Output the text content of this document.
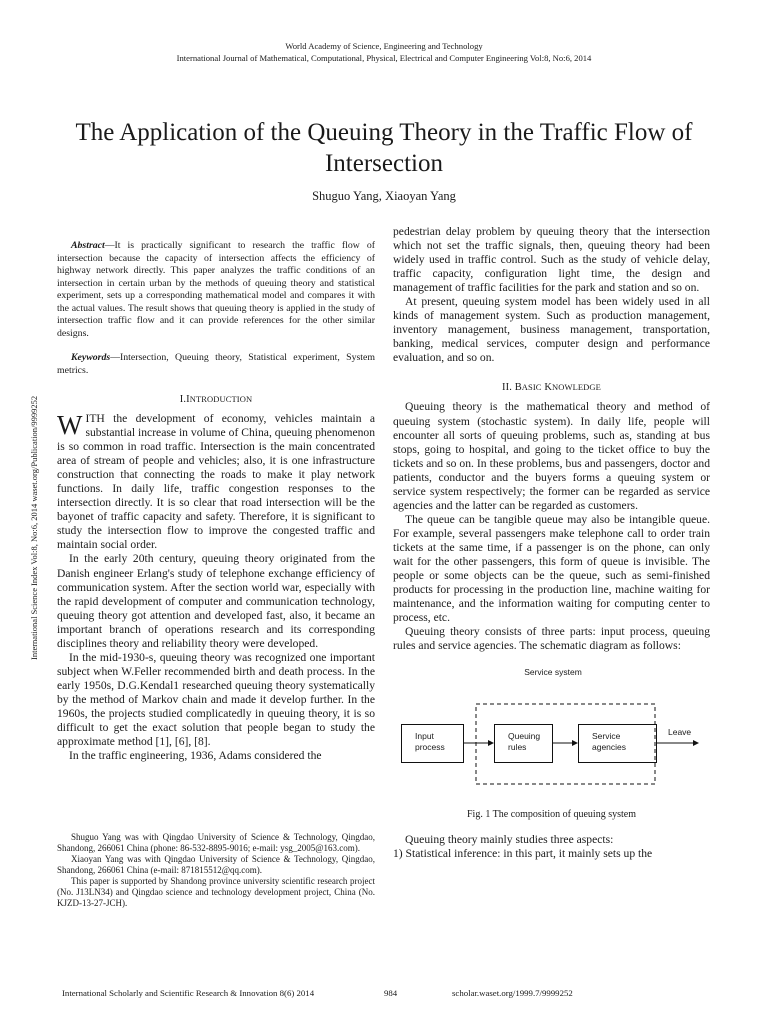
World Academy of Science, Engineering and Technology
International Journal of Mathematical, Computational, Physical, Electrical and Computer Engineering Vol:8, No:6, 2014
The Application of the Queuing Theory in the Traffic Flow of Intersection
Shuguo Yang, Xiaoyan Yang
International Science Index Vol:8, No:6, 2014 waset.org/Publication/9999252

Abstract—It is practically significant to research the traffic flow of intersection because the capacity of intersection affects the efficiency of highway network directly. This paper analyzes the traffic conditions of an intersection in certain urban by the methods of queuing theory and statistical experiment, sets up a corresponding mathematical model and compares it with the actual values. The result shows that queuing theory is applied in the study of intersection traffic flow and it can provide references for the other similar designs.

Keywords—Intersection, Queuing theory, Statistical experiment, System metrics.

I.INTRODUCTION

WITH the development of economy, vehicles maintain a substantial increase in volume of China, queuing phenomenon is so common in road traffic. Intersection is the main concentrated area of stream of people and vehicles; also, it is one infrastructure construction that connecting the roads to make it play network functions. In daily life, traffic congestion responses to the intersection directly. It is so clear that road intersection will be the bayonet of traffic capacity and safety. Therefore, it is significant to study the intersection flow to improve the congested traffic and maintain social order.

In the early 20th century, queuing theory originated from the Danish engineer Erlang's study of telephone exchange efficiency of communication system. After the section world war, especially with the rapid development of computer and communication technology, queuing theory got attention and developed fast, also, it became an important branch of operations research and its corresponding disciplines theory and reliability theory were developed.

In the mid-1930-s, queuing theory was recognized one important subject when W.Feller recommended birth and death process. In the early 1950s, D.G.Kendal1 researched queuing theory systematically by the method of Markov chain and made it develop further. In the 1960s, the projects studied complicatedly in queuing theory, it is so difficult to get the exact solution that people began to study the approximate method [1], [6], [8].

In the traffic engineering, 1936, Adams considered the

Shuguo Yang was with Qingdao University of Science & Technology, Qingdao, Shandong, 266061 China (phone: 86-532-8895-9016; e-mail: ysg_2005@163.com).

Xiaoyan Yang was with Qingdao University of Science & Technology, Qingdao, Shandong, 266061 China (e-mail: 871815512@qq.com).

This paper is supported by Shandong province university scientific research project (No. J13LN34) and Qingdao science and technology development project, China (No. KJZD-13-27-JCH).

pedestrian delay problem by queuing theory that the intersection which not set the traffic signals, then, queuing theory had been widely used in traffic control. Such as the study of vehicle delay, traffic capacity, configuration light time, the design and management of traffic facilities for the park and station and so on.

At present, queuing system model has been widely used in all kinds of management system. Such as production management, inventory management, business management, transportation, banking, medical services, computer design and performance evaluation, and so on.

II. BASIC KNOWLEDGE

Queuing theory is the mathematical theory and method of queuing system (stochastic system). In daily life, people will encounter all sorts of queuing problems, such as, standing at bus stops, going to hospital, and going to the ticket office to buy the tickets and so on. In these problems, bus and passengers, doctor and patients, conductor and the buyers forms a queuing system or service system respectively; the former can be regarded as service agencies and the latter can be regarded as customers.

The queue can be tangible queue may also be intangible queue. For example, several passengers make telephone call to order train tickets at the same time, if a passenger is on the phone, can only wait for the other passengers, this form of queue is invisible. The people or some objects can be the queue, such as semi-finished products for processing in the production line, machine waiting for maintenance, and the information waiting for computing center to process, etc.

Queuing theory consists of three parts: input process, queuing rules and service agencies. The schematic diagram as follows:

Service system
Input process
Queuing rules
Service agencies
Leave
Fig. 1 The composition of queuing system

Queuing theory mainly studies three aspects:

1) Statistical inference: in this part, it mainly sets up the

International Scholarly and Scientific Research & Innovation 8(6) 2014	984	scholar.waset.org/1999.7/9999252
